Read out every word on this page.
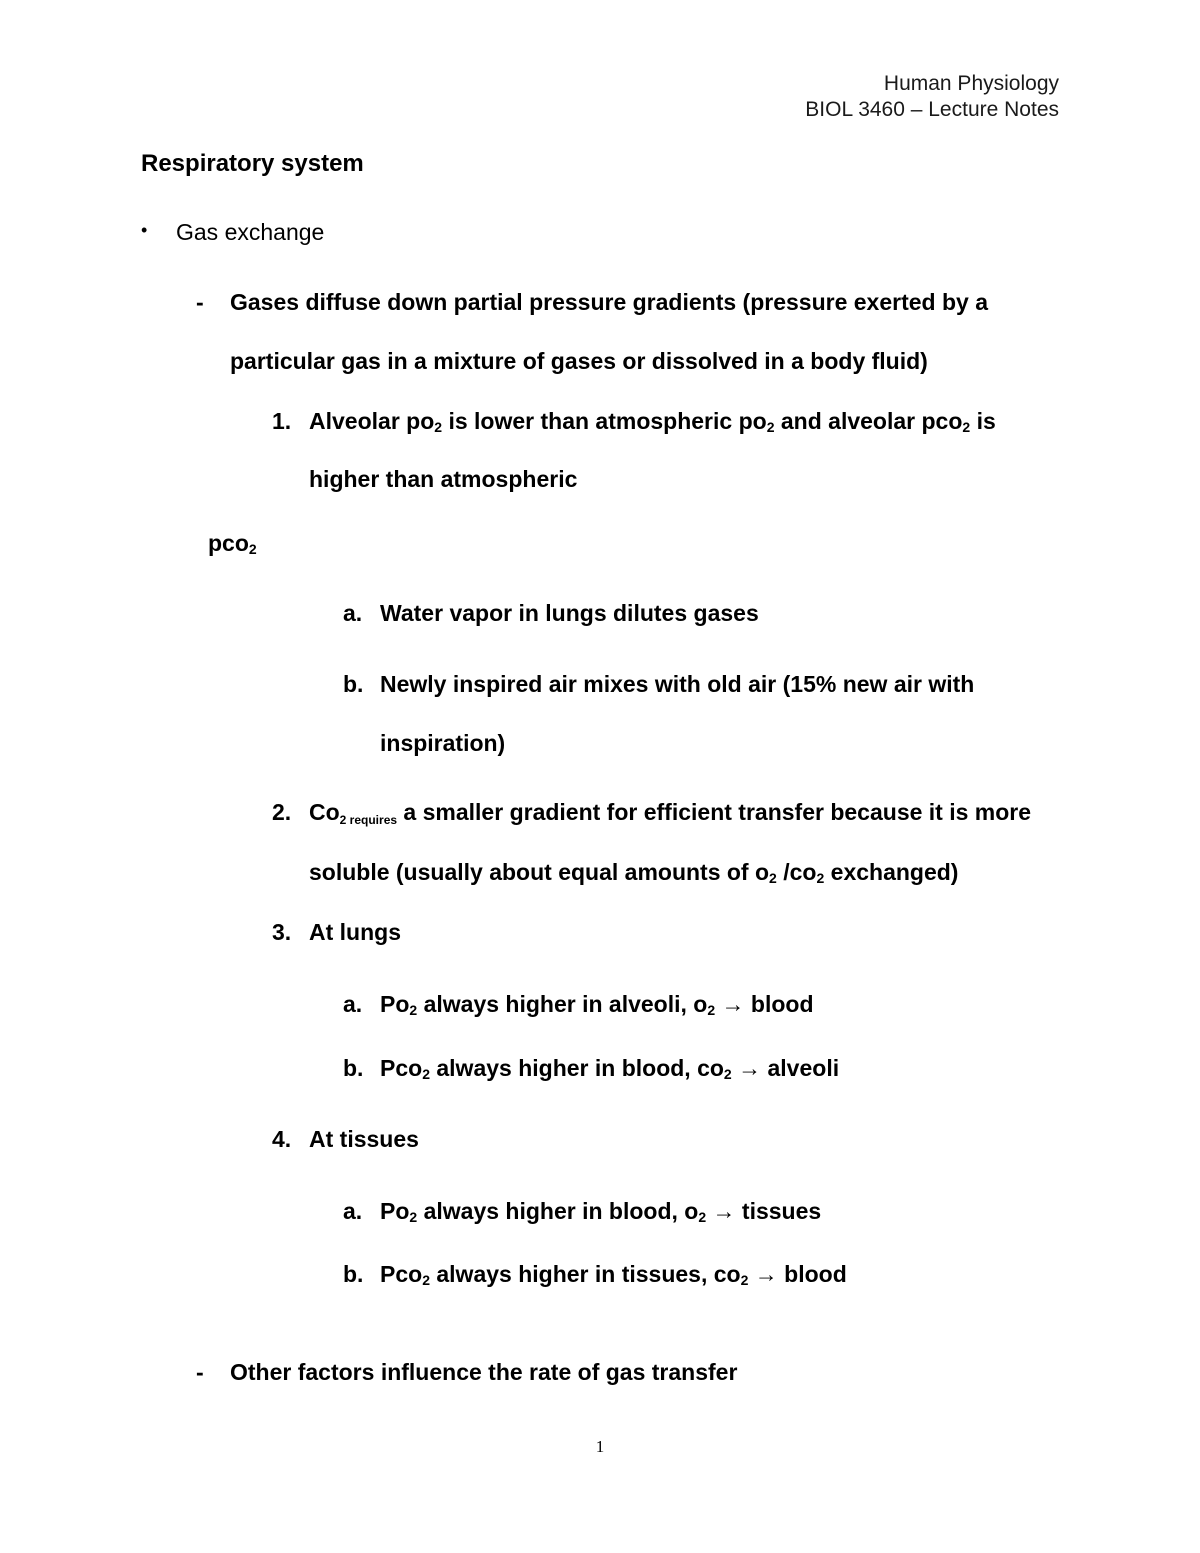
Human Physiology
BIOL 3460 – Lecture Notes
Respiratory system
• Gas exchange
- Gases diffuse down partial pressure gradients (pressure exerted by a
particular gas in a mixture of gases or dissolved in a body fluid)
1. Alveolar $po_2$ is lower than atmospheric $po_2$ and alveolar pco$_2$ is
higher than atmospheric
pco$_2$
a. Water vapor in lungs dilutes gases
b. Newly inspired air mixes with old air (15% new air with
inspiration)
2. $Co_{2 requires}$ a smaller gradient for efficient transfer because it is more
soluble (usually about equal amounts of $o_2$ $/co_2$ exchanged)
3. At lungs
a. $Po_2$ always higher in alveoli, $o_2$ → blood
b. Pco$_2$ always higher in blood, $co_2$ → alveoli
4. At tissues
a. $Po_2$ always higher in blood, $o_2$ → tissues
b. Pco$_2$ always higher in tissues, $co_2$ → blood
- Other factors influence the rate of gas transfer
1
